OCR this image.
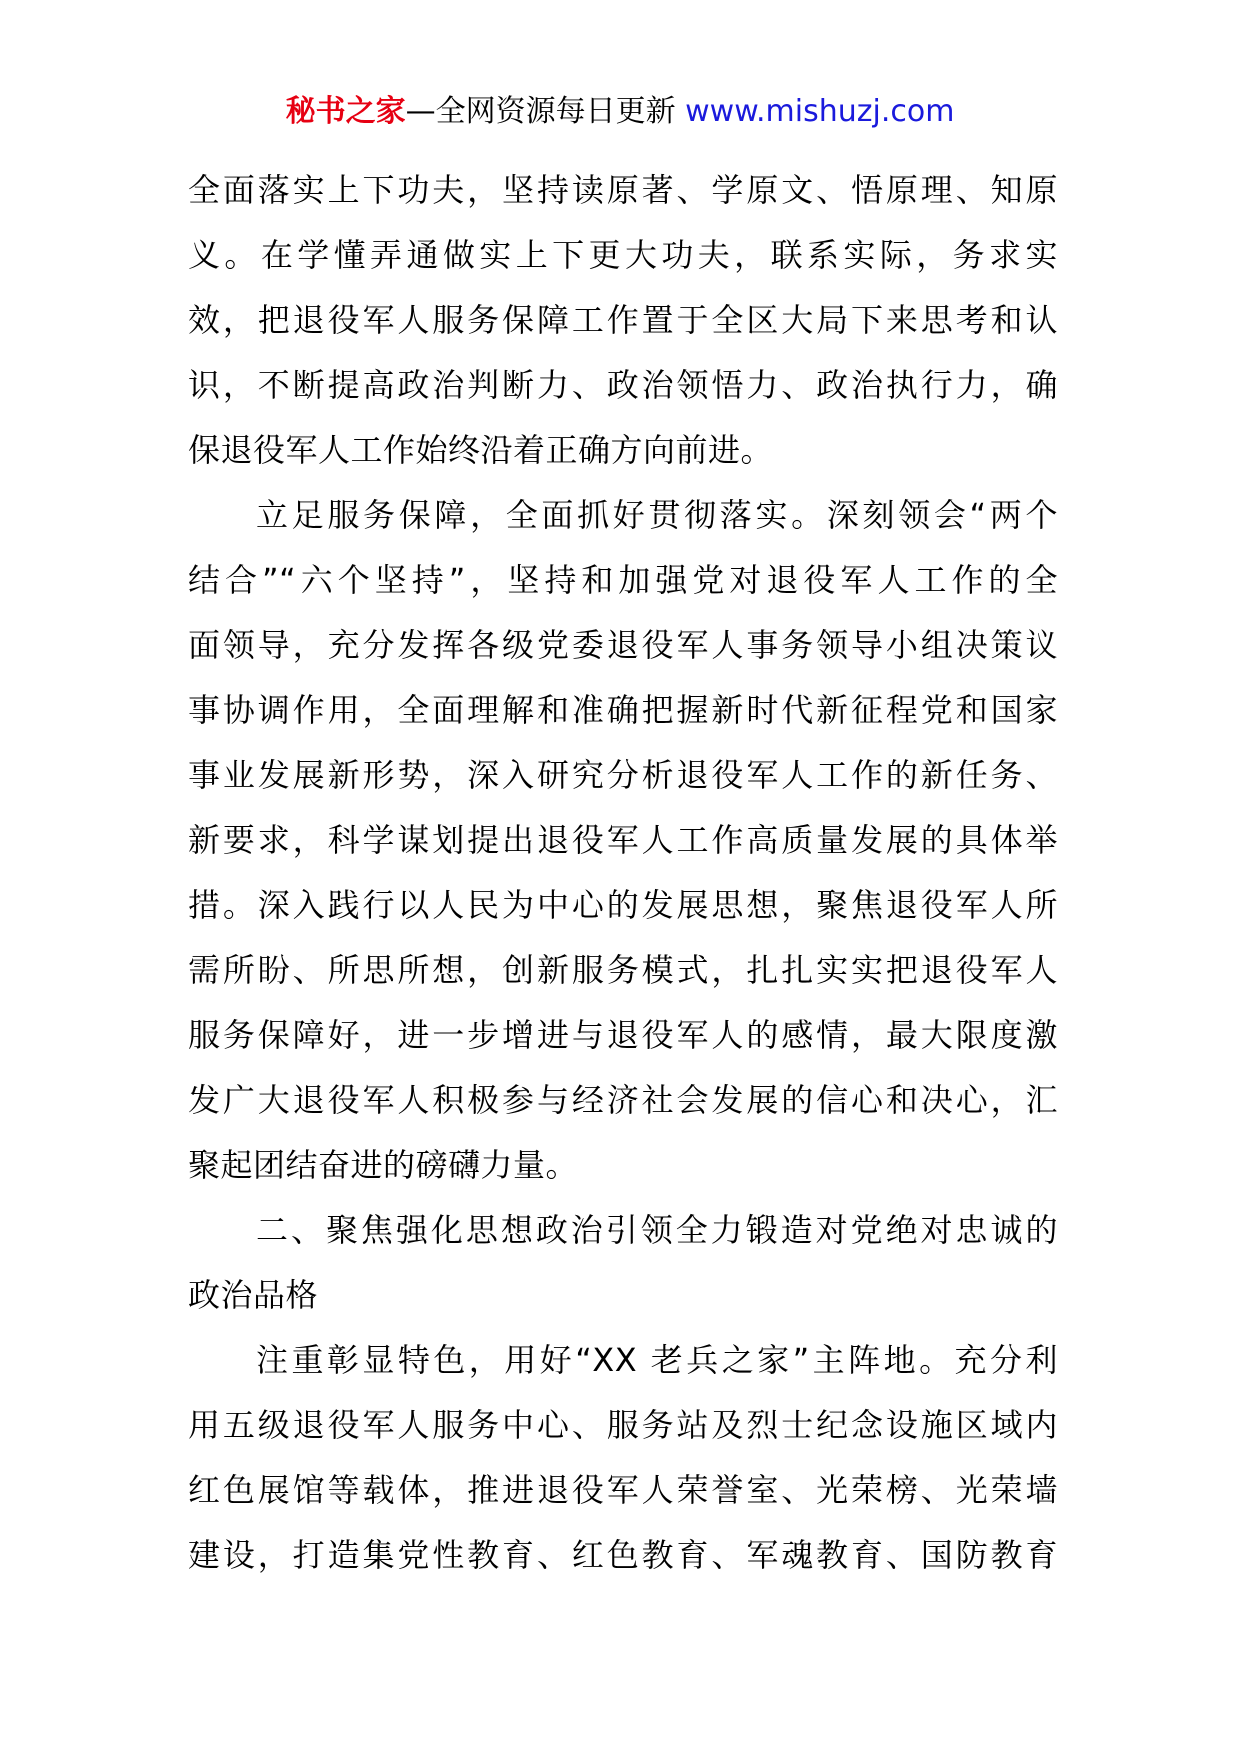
秘书之家—全网资源每日更新 www.mishuzj.com
全面落实上下功夫，坚持读原著、学原文、悟原理、知原
义。在学懂弄通做实上下更大功夫，联系实际，务求实
效，把退役军人服务保障工作置于全区大局下来思考和认
识，不断提高政治判断力、政治领悟力、政治执行力，确
保退役军人工作始终沿着正确方向前进。
立足服务保障，全面抓好贯彻落实。深刻领会“两个
结合”“六个坚持”，坚持和加强党对退役军人工作的全
面领导，充分发挥各级党委退役军人事务领导小组决策议
事协调作用，全面理解和准确把握新时代新征程党和国家
事业发展新形势，深入研究分析退役军人工作的新任务、
新要求，科学谋划提出退役军人工作高质量发展的具体举
措。深入践行以人民为中心的发展思想，聚焦退役军人所
需所盼、所思所想，创新服务模式，扎扎实实把退役军人
服务保障好，进一步增进与退役军人的感情，最大限度激
发广大退役军人积极参与经济社会发展的信心和决心，汇
聚起团结奋进的磅礴力量。
二、聚焦强化思想政治引领全力锻造对党绝对忠诚的
政治品格
注重彰显特色，用好“XX 老兵之家”主阵地。充分利
用五级退役军人服务中心、服务站及烈士纪念设施区域内
红色展馆等载体，推进退役军人荣誉室、光荣榜、光荣墙
建设，打造集党性教育、红色教育、军魂教育、国防教育
